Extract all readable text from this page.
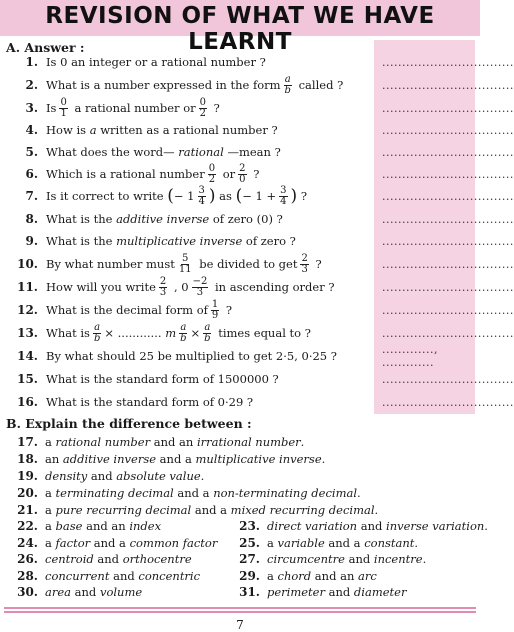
REVISION OF WHAT WE HAVE LEARNT
A. Answer :
1. Is 0 an integer or a rational number ?	.................................
2. What is a number expressed in the form $\frac{a}{b}$
called ?	.................................
3. Is $\frac{0}{1}$
a rational number or $\frac{0}{2}$
?	.................................
4. How is
a
written as a rational number ?	.................................
5. What does the word—
rational
—mean ?	.................................
6. Which is a rational number $\frac{0}{2}$
or $\frac{2}{0}$
?	.................................
7. Is it correct to write
( − $1 \frac{3}{4}$ )
as
( − $1 + \frac{3}{4}$ )
?	.................................
8. What is the
additive inverse
of zero (0) ?	.................................
9. What is the
multiplicative inverse
of zero ?	.................................
10. By what number must $\frac{5}{11}$
be divided to get $\frac{2}{3}$
?	.................................
11. How will you write $\frac{2}{3}$
, $0 \frac{-2}{3}$
in ascending order ?	.................................
12. What is the decimal form of $\frac{1}{9}$
?	.................................
13. What is $\frac{a}{b}$ ×
............
m $\frac{a}{b} \times \frac{a}{b}$
times equal to ?	.................................
14. By what should 25 be multiplied to get 2·5, 0·25 ?	............., .............
15. What is the standard form of 1500000 ?	.................................
16. What is the standard form of 0·29 ?	.................................
B. Explain the difference between :
17. a rational number and an irrational number.
18. an additive inverse and a multiplicative inverse.
19. density and absolute value.
20. a terminating decimal and a non-terminating decimal.
21. a pure recurring decimal and a mixed recurring decimal.
22. a base and an index	23. direct variation and inverse variation.
24. a factor and a common factor 25. a variable and a constant.
26. centroid and orthocentre	27. circumcentre and incentre.
28. concurrent and concentric	29. a chord and an arc
30. area and volume	31. perimeter and diameter
7
